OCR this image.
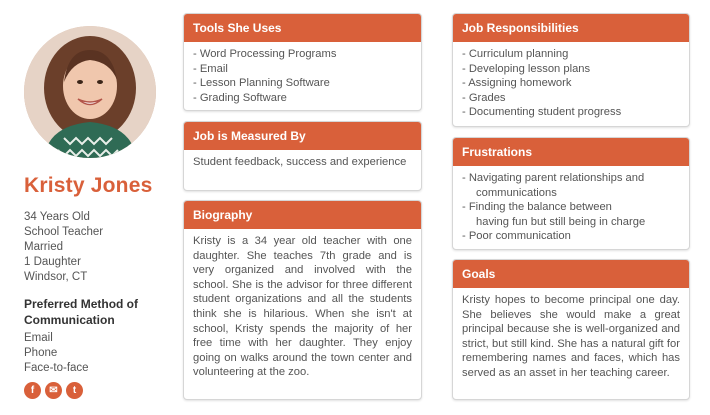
Kristy Jones
34 Years Old
School Teacher
Married
1 Daughter
Windsor, CT
Preferred Method of Communication
Email
Phone
Face-to-face
f	✉	t
Tools She Uses
- Word Processing Programs
- Email
- Lesson Planning Software
- Grading Software
Job is Measured By
Student feedback, success and experience
Biography
Kristy is a 34 year old teacher with one daughter. She teaches 7th grade and is very organized and involved with the school. She is the advisor for three different student organizations and all the students think she is hilarious. When she isn't at school, Kristy spends the majority of her free time with her daughter. They enjoy going on walks around the town center and volunteering at the zoo.
Job Responsibilities
- Curriculum planning
- Developing lesson plans
- Assigning homework
- Grades
- Documenting student progress
Frustrations
- Navigating parent relationships and
communications
- Finding the balance between
having fun but still being in charge
- Poor communication
Goals
Kristy hopes to become principal one day. She believes she would make a great principal because she is well-organized and strict, but still kind. She has a natural gift for remembering names and faces, which has served as an asset in her teaching career.
